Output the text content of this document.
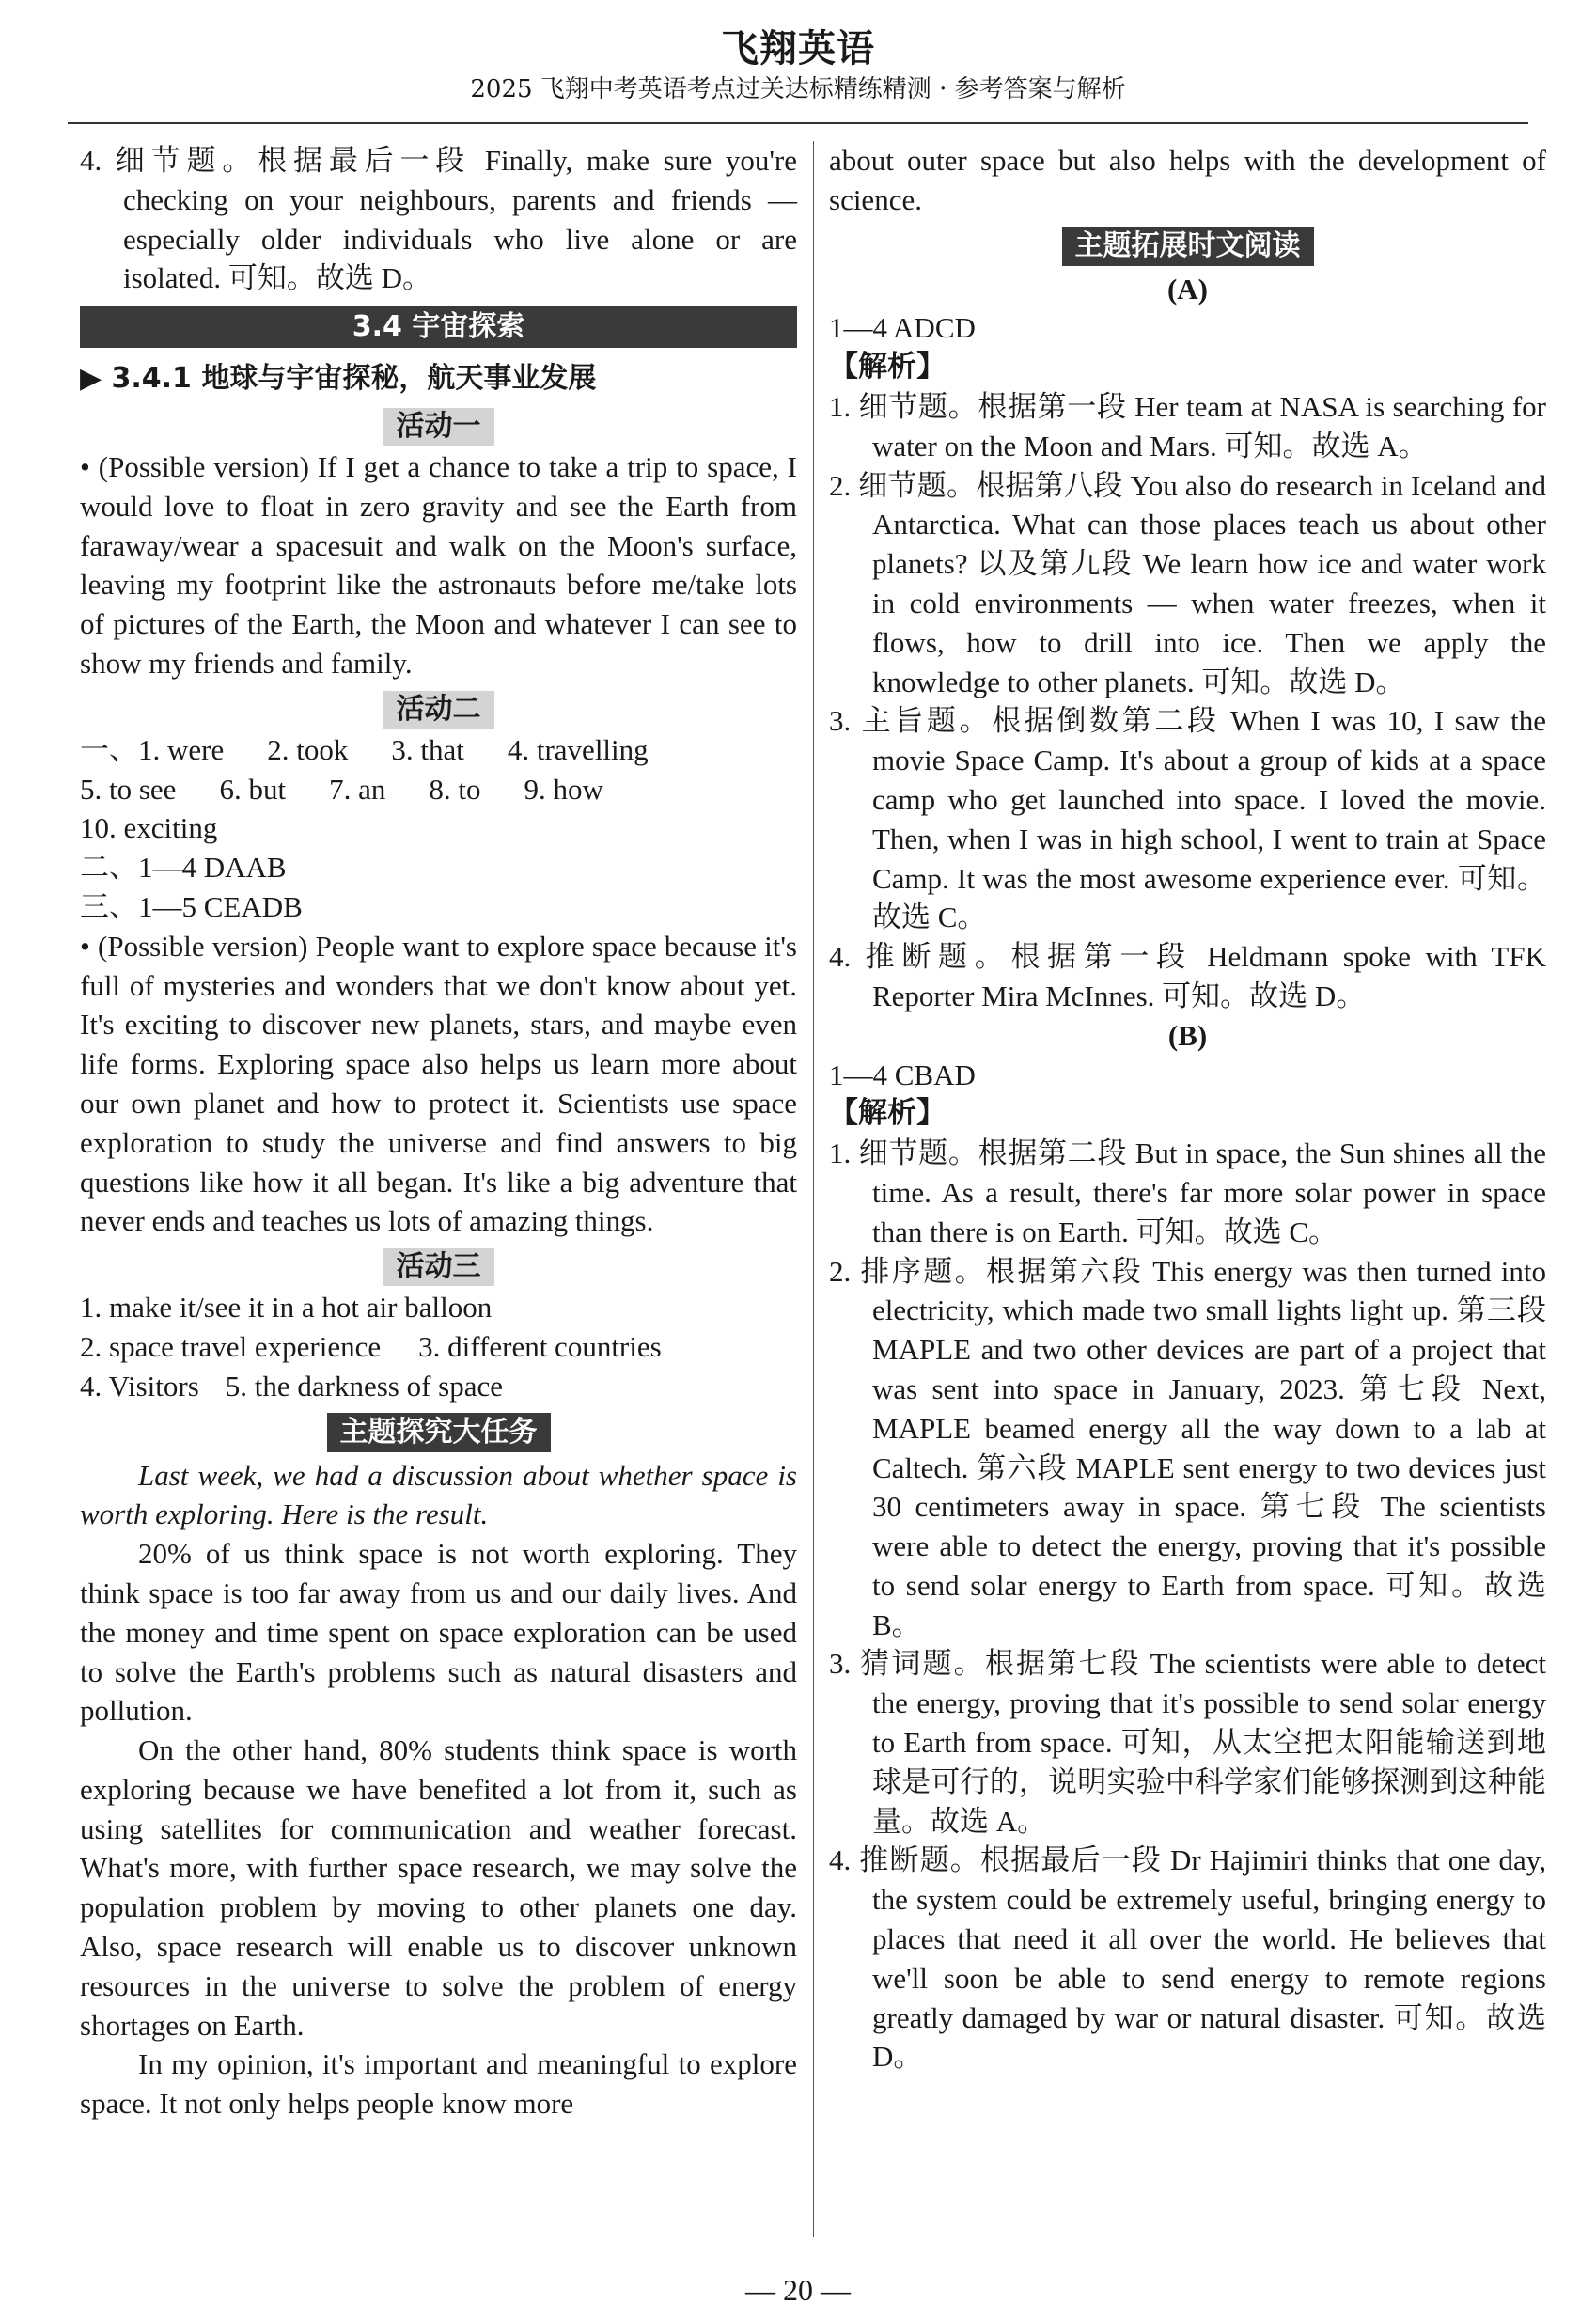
飞翔英语
2025 飞翔中考英语考点过关达标精练精测 · 参考答案与解析

4. 细节题。根据最后一段 Finally, make sure you're checking on your neighbours, parents and friends — especially older individuals who live alone or are isolated. 可知。故选 D。

3.4 宇宙探索
▶ 3.4.1 地球与宇宙探秘，航天事业发展
活动一

• (Possible version) If I get a chance to take a trip to space, I would love to float in zero gravity and see the Earth from faraway/wear a spacesuit and walk on the Moon's surface, leaving my footprint like the astronauts before me/take lots of pictures of the Earth, the Moon and whatever I can see to show my friends and family.

活动二
一、1. were 2. took 3. that 4. travelling
5. to see 6. but 7. an 8. to 9. how

10. exciting

二、1—4 DAAB

三、1—5 CEADB

• (Possible version) People want to explore space because it's full of mysteries and wonders that we don't know about yet. It's exciting to discover new planets, stars, and maybe even life forms. Exploring space also helps us learn more about our own planet and how to protect it. Scientists use space exploration to study the universe and find answers to big questions like how it all began. It's like a big adventure that never ends and teaches us lots of amazing things.

活动三

1. make it/see it in a hot air balloon

2. space travel experience 3. different countries
4. Visitors 5. the darkness of space
主题探究大任务

Last week, we had a discussion about whether space is worth exploring. Here is the result.

20% of us think space is not worth exploring. They think space is too far away from us and our daily lives. And the money and time spent on space exploration can be used to solve the Earth's problems such as natural disasters and pollution.

On the other hand, 80% students think space is worth exploring because we have benefited a lot from it, such as using satellites for communication and weather forecast. What's more, with further space research, we may solve the population problem by moving to other planets one day. Also, space research will enable us to discover unknown resources in the universe to solve the problem of energy shortages on Earth.

In my opinion, it's important and meaningful to explore space. It not only helps people know more

about outer space but also helps with the development of science.

主题拓展时文阅读
(A)

1—4 ADCD

【解析】

1. 细节题。根据第一段 Her team at NASA is searching for water on the Moon and Mars. 可知。故选 A。

2. 细节题。根据第八段 You also do research in Iceland and Antarctica. What can those places teach us about other planets? 以及第九段 We learn how ice and water work in cold environments — when water freezes, when it flows, how to drill into ice. Then we apply the knowledge to other planets. 可知。故选 D。

3. 主旨题。根据倒数第二段 When I was 10, I saw the movie Space Camp. It's about a group of kids at a space camp who get launched into space. I loved the movie. Then, when I was in high school, I went to train at Space Camp. It was the most awesome experience ever. 可知。故选 C。

4. 推断题。根据第一段 Heldmann spoke with TFK Reporter Mira McInnes. 可知。故选 D。

(B)

1—4 CBAD

【解析】

1. 细节题。根据第二段 But in space, the Sun shines all the time. As a result, there's far more solar power in space than there is on Earth. 可知。故选 C。

2. 排序题。根据第六段 This energy was then turned into electricity, which made two small lights light up. 第三段 MAPLE and two other devices are part of a project that was sent into space in January, 2023. 第七段 Next, MAPLE beamed energy all the way down to a lab at Caltech. 第六段 MAPLE sent energy to two devices just 30 centimeters away in space. 第七段 The scientists were able to detect the energy, proving that it's possible to send solar energy to Earth from space. 可知。故选 B。

3. 猜词题。根据第七段 The scientists were able to detect the energy, proving that it's possible to send solar energy to Earth from space. 可知，从太空把太阳能输送到地球是可行的，说明实验中科学家们能够探测到这种能量。故选 A。

4. 推断题。根据最后一段 Dr Hajimiri thinks that one day, the system could be extremely useful, bringing energy to places that need it all over the world. He believes that we'll soon be able to send energy to remote regions greatly damaged by war or natural disaster. 可知。故选 D。

— 20 —
